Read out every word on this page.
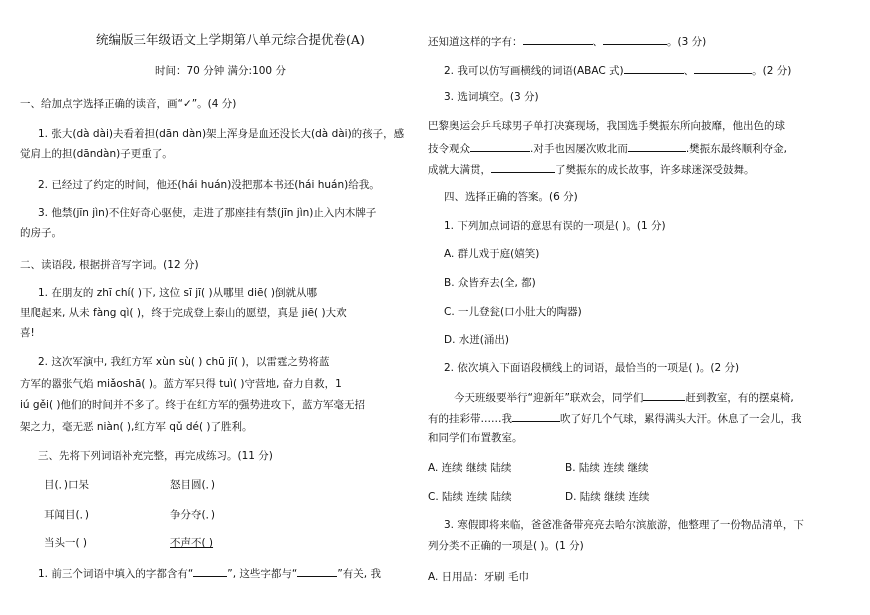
统编版三年级语文上学期第八单元综合提优卷(A)
时间：70 分钟 满分:100 分
一、给加点字选择正确的读音，画“✓”。(4 分)
1. 张大(dà dài)夫看着担(dān dàn)架上浑身是血还没长大(dà dài)的孩子，感
觉肩上的担(dāndàn)子更重了。
2. 已经过了约定的时间，他还(hái huán)没把那本书还(hái huán)给我。
3. 他禁(jīn jìn)不住好奇心驱使，走进了那座挂有禁(jīn jìn)止入内木牌子
的房子。
二、读语段, 根据拼音写字词。(12 分)
1. 在朋友的 zhī chí( )下, 这位 sī jī( )从哪里 diē( )倒就从哪
里爬起来, 从未 fàng qì( )，终于完成登上泰山的愿望，真是 jiē( )大欢
喜!
2. 这次军演中, 我红方军 xùn sù( ) chū jī( )，以雷霆之势将蓝
方军的嚣张气焰 miǎoshā( )。蓝方军只得 tuì( )守营地, 奋力自救，1
iú gěi( )他们的时间并不多了。终于在红方军的强势进攻下，蓝方军毫无招
架之力，毫无恶 niàn( ),红方军 qǔ dé( )了胜利。
三、先将下列词语补充完整，再完成练习。(11 分)
目(．)口呆	怒目圆(．)
耳闻目(．)	争分夺(．)
当头一( )	不声不( )
1. 前三个词语中填入的字都含有“	”, 这些字都与“	”有关, 我
还知道这样的字有：	、	。(3 分)
2. 我可以仿写画横线的词语(ABAC 式)	、	。(2 分)
3. 选词填空。(3 分)
巴黎奥运会乒乓球男子单打决赛现场，我国选手樊振东所向披靡，他出色的球
技令观众	.对手也因屡次败北而	.樊振东最终顺利夺金,
成就大满贯，	了樊振东的成长故事，许多球迷深受鼓舞。
四、选择正确的答案。(6 分)
1. 下列加点词语的意思有误的一项是( )。(1 分)
A. 群儿戏于庭(嬉笑)
B. 众皆弃去(全, 都)
C. 一儿登瓮(口小肚大的陶器)
D. 水迸(涌出)
2. 依次填入下面语段横线上的词语，最恰当的一项是( )。(2 分)
今天班级要举行“迎新年”联欢会，同学们	赶到教室，有的摆桌椅,
有的挂彩带……我	吹了好几个气球，累得满头大汗。休息了一会儿，我
和同学们布置教室。
A. 连续 继续 陆续	B. 陆续 连续 继续
C. 陆续 连续 陆续	D. 陆续 继续 连续
3. 寒假即将来临，爸爸准备带亮亮去哈尔滨旅游，他整理了一份物品清单，下
列分类不正确的一项是( )。(1 分)
A. 日用品：牙刷 毛巾
